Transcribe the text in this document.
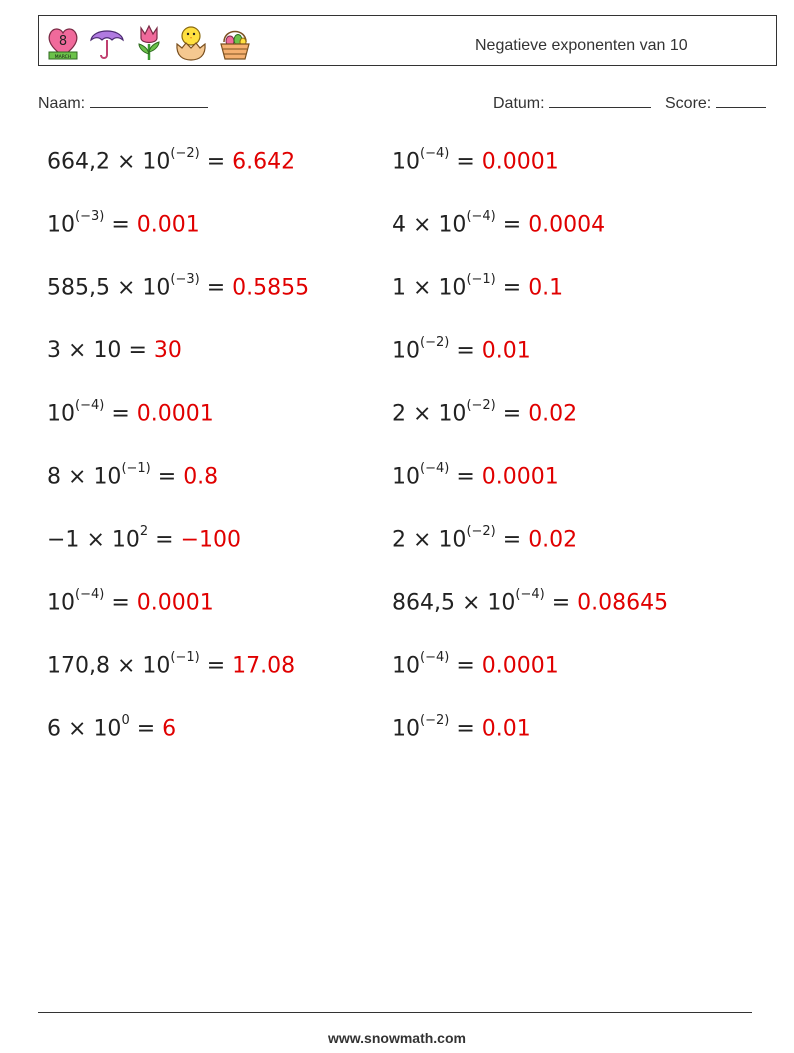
8
MARCH
Negatieve exponenten van 10
Naam:	Datum:	Score:
$664,2 \times 10^{(-2)} = 6.642$	$10^{(-4)} = 0.0001$
$10^{(-3)} = 0.001$	$4 \times 10^{(-4)} = 0.0004$
$585,5 \times 10^{(-3)} = 0.5855$	$1 \times 10^{(-1)} = 0.1$
3 × 10 = 30	$10^{(-2)} = 0.01$
$10^{(-4)} = 0.0001$	$2 \times 10^{(-2)} = 0.02$
$8 \times 10^{(-1)} = 0.8$	$10^{(-4)} = 0.0001$
$-1 \times 10^2 = -100$	$2 \times 10^{(-2)} = 0.02$
$10^{(-4)} = 0.0001$	$864,5 \times 10^{(-4)} = 0.08645$
$170,8 \times 10^{(-1)} = 17.08$	$10^{(-4)} = 0.0001$
$6 \times 10^0 = 6$	$10^{(-2)} = 0.01$
www.snowmath.com
